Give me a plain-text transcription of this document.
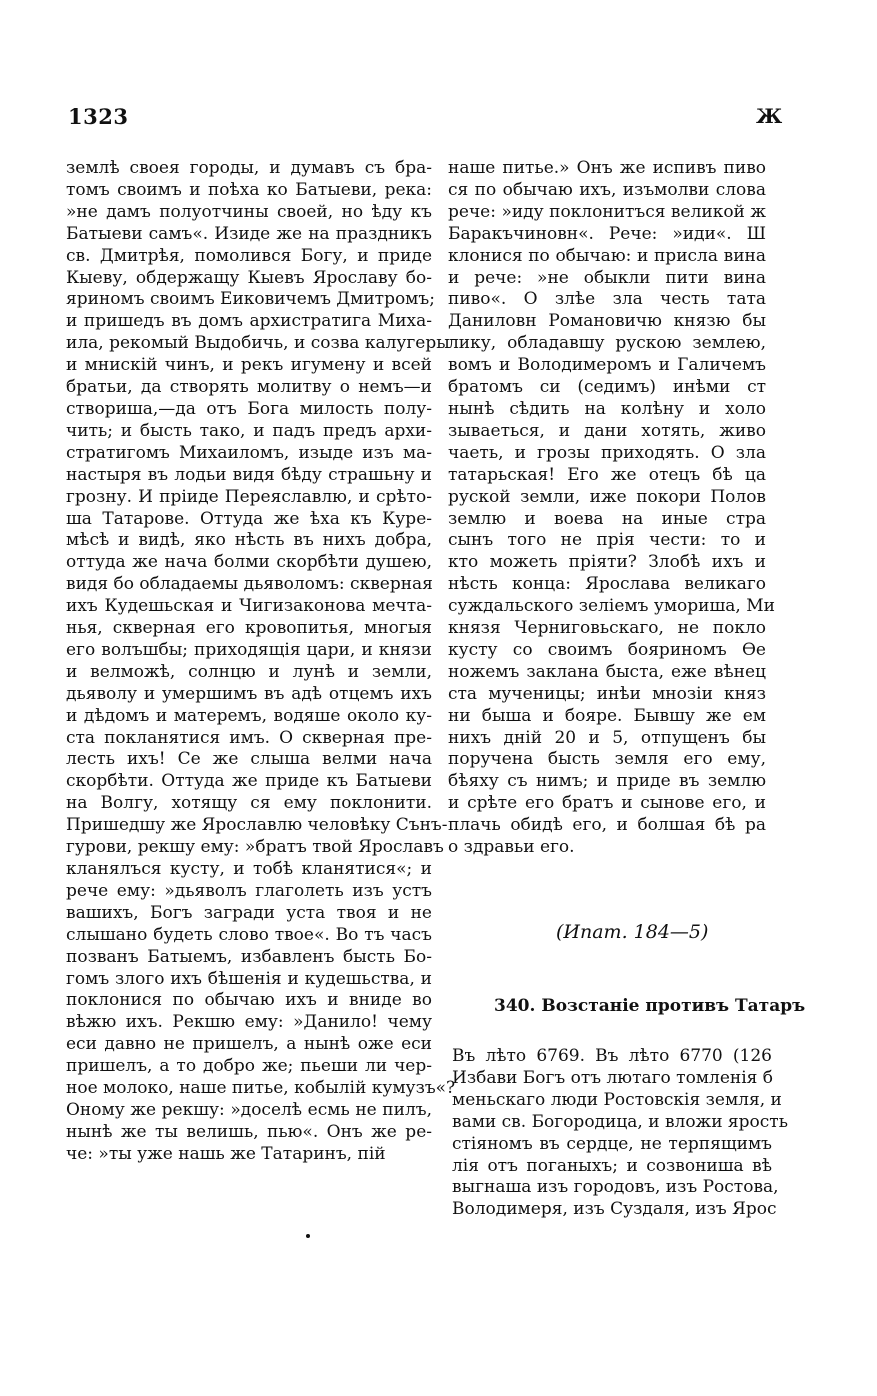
1323	Ж
землѣ своея городы, и думавъ съ бра-
томъ своимъ и поѣха ко Батыеви, река:
»не дамъ полуотчины своей, но ѣду къ
Батыеви самъ«. Изиде же на праздникъ
св. Дмитрѣя, помолився Богу, и приде
Кыеву, обдержащу Кыевъ Ярославу бо-
яриномъ своимъ Еиковичемъ Дмитромъ;
и пришедъ въ домъ архистратига Миха-
ила, рекомый Выдобичь, и созва калугеры
и мнискій чинъ, и рекъ игумену и всей
братьи, да створять молитву о немъ—и
створиша,—да отъ Бога милость полу-
чить; и бысть тако, и падъ предъ архи-
стратигомъ Михаиломъ, изыде изъ ма-
настыря въ лодьи видя бѣду страшьну и
грозну. И пріиде Переяславлю, и срѣто-
ша Татарове. Оттуда же ѣха къ Куре-
мѣсѣ и видѣ, яко нѣсть въ нихъ добра,
оттуда же нача болми скорбѣти душею,
видя бо обладаемы дьяволомъ: скверная
ихъ Кудешьская и Чигизаконова мечта-
нья, скверная его кровопитья, многыя
его волъшбы; приходящія цари, и князи
и велможѣ, солнцю и лунѣ и земли,
дьяволу и умершимъ въ адѣ отцемъ ихъ
и дѣдомъ и матеремъ, водяше около ку-
ста покланятися имъ. О скверная пре-
лесть ихъ! Се же слыша велми нача
скорбѣти. Оттуда же приде къ Батыеви
на Волгу, хотящу ся ему поклонити.
Пришедшу же Ярославлю человѣку Сънъ-
гурови, рекшу ему: »братъ твой Ярославъ
кланялъся кусту, и тобѣ кланятися«; и
рече ему: »дьяволъ глаголеть изъ устъ
вашихъ, Богъ загради уста твоя и не
слышано будеть слово твое«. Во тъ часъ
позванъ Батыемъ, избавленъ бысть Бо-
гомъ злого ихъ бѣшенія и кудешьства, и
поклонися по обычаю ихъ и вниде во
вѣжю ихъ. Рекшю ему: »Данило! чему
еси давно не пришелъ, а нынѣ оже еси
пришелъ, а то добро же; пьеши ли чер-
ное молоко, наше питье, кобылій кумузъ«?
Оному же рекшу: »доселѣ есмь не пилъ,
нынѣ же ты велишь, пью«. Онъ же ре-
че: »ты уже нашь же Татаринъ, пій
наше питье.» Онъ же испивъ пиво
ся по обычаю ихъ, изъмолви слова
рече: »иду поклонитъся великой ж
Баракъчиновн«. Рече: »иди«. Ш
клонися по обычаю: и присла вина
и рече: »не обыкли пити вина
пиво«. О злѣе зла честь тата
Даниловн Романовичю князю бы
лику, обладавшу рускою землею,
вомъ и Володимеромъ и Галичемъ
братомъ си (седимъ) инѣми ст
нынѣ сѣдить на колѣну и холо
зываеться, и дани хотять, живо
чаеть, и грозы приходять. О зла
татарьская! Его же отецъ бѣ ца
руской земли, иже покори Полов
землю и воева на иные стра
сынъ того не прія чести: то и
кто можеть пріяти? Злобѣ ихъ и
нѣсть конца: Ярослава великаго
суждальского зеліемъ умориша, Ми
князя Черниговьскаго, не покло
кусту со своимъ бояриномъ Ѳе
ножемъ заклана быста, еже вѣнец
ста мученицы; инѣи мнозіи княз
ни быша и бояре. Бывшу же ем
нихъ дній 20 и 5, отпущенъ бы
поручена бысть земля его ему,
бѣяху съ нимъ; и приде въ землю
и срѣте его братъ и сынове его, и
плачь обидѣ его, и болшая бѣ ра
о здравьи его.
(Ипат. 184—5)
340. Возстаніе противъ Татаръ
Въ лѣто 6769. Въ лѣто 6770 (126
Избави Богъ отъ лютаго томленія б
меньскаго люди Ростовскія земля, и
вами св. Богородица, и вложи ярость
стіяномъ въ сердце, не терпящимъ
лія отъ поганыхъ; и созвониша вѣ
выгнаша изъ городовъ, изъ Ростова,
Володимеря, изъ Суздаля, изъ Ярос
